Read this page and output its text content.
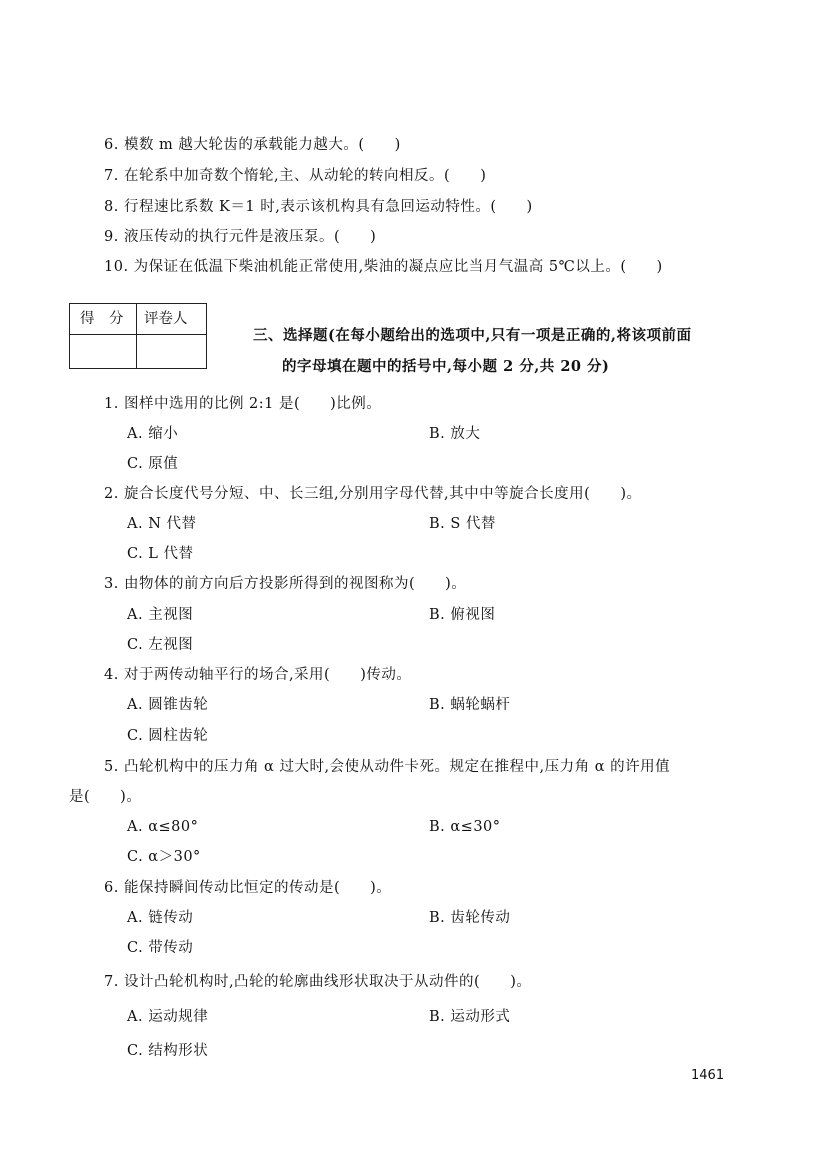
6. 模数 m 越大轮齿的承载能力越大。(　　)
7. 在轮系中加奇数个惰轮,主、从动轮的转向相反。(　　)
8. 行程速比系数 K＝1 时,表示该机构具有急回运动特性。(　　)
9. 液压传动的执行元件是液压泵。(　　)
10. 为保证在低温下柴油机能正常使用,柴油的凝点应比当月气温高 5℃以上。(　　)
得　分 评卷人
三、选择题(在每小题给出的选项中,只有一项是正确的,将该项前面
的字母填在题中的括号中,每小题 2 分,共 20 分)
1. 图样中选用的比例 2:1 是(　　)比例。
A. 缩小	B. 放大
C. 原值
2. 旋合长度代号分短、中、长三组,分别用字母代替,其中中等旋合长度用(　　)。
A. N 代替	B. S 代替
C. L 代替
3. 由物体的前方向后方投影所得到的视图称为(　　)。
A. 主视图	B. 俯视图
C. 左视图
4. 对于两传动轴平行的场合,采用(　　)传动。
A. 圆锥齿轮	B. 蜗轮蜗杆
C. 圆柱齿轮
5. 凸轮机构中的压力角 α 过大时,会使从动件卡死。规定在推程中,压力角 α 的许用值
是(　　)。
A. α≤80°	B. α≤30°
C. α＞30°
6. 能保持瞬间传动比恒定的传动是(　　)。
A. 链传动	B. 齿轮传动
C. 带传动
7. 设计凸轮机构时,凸轮的轮廓曲线形状取决于从动件的(　　)。
A. 运动规律	B. 运动形式
C. 结构形状
1461
